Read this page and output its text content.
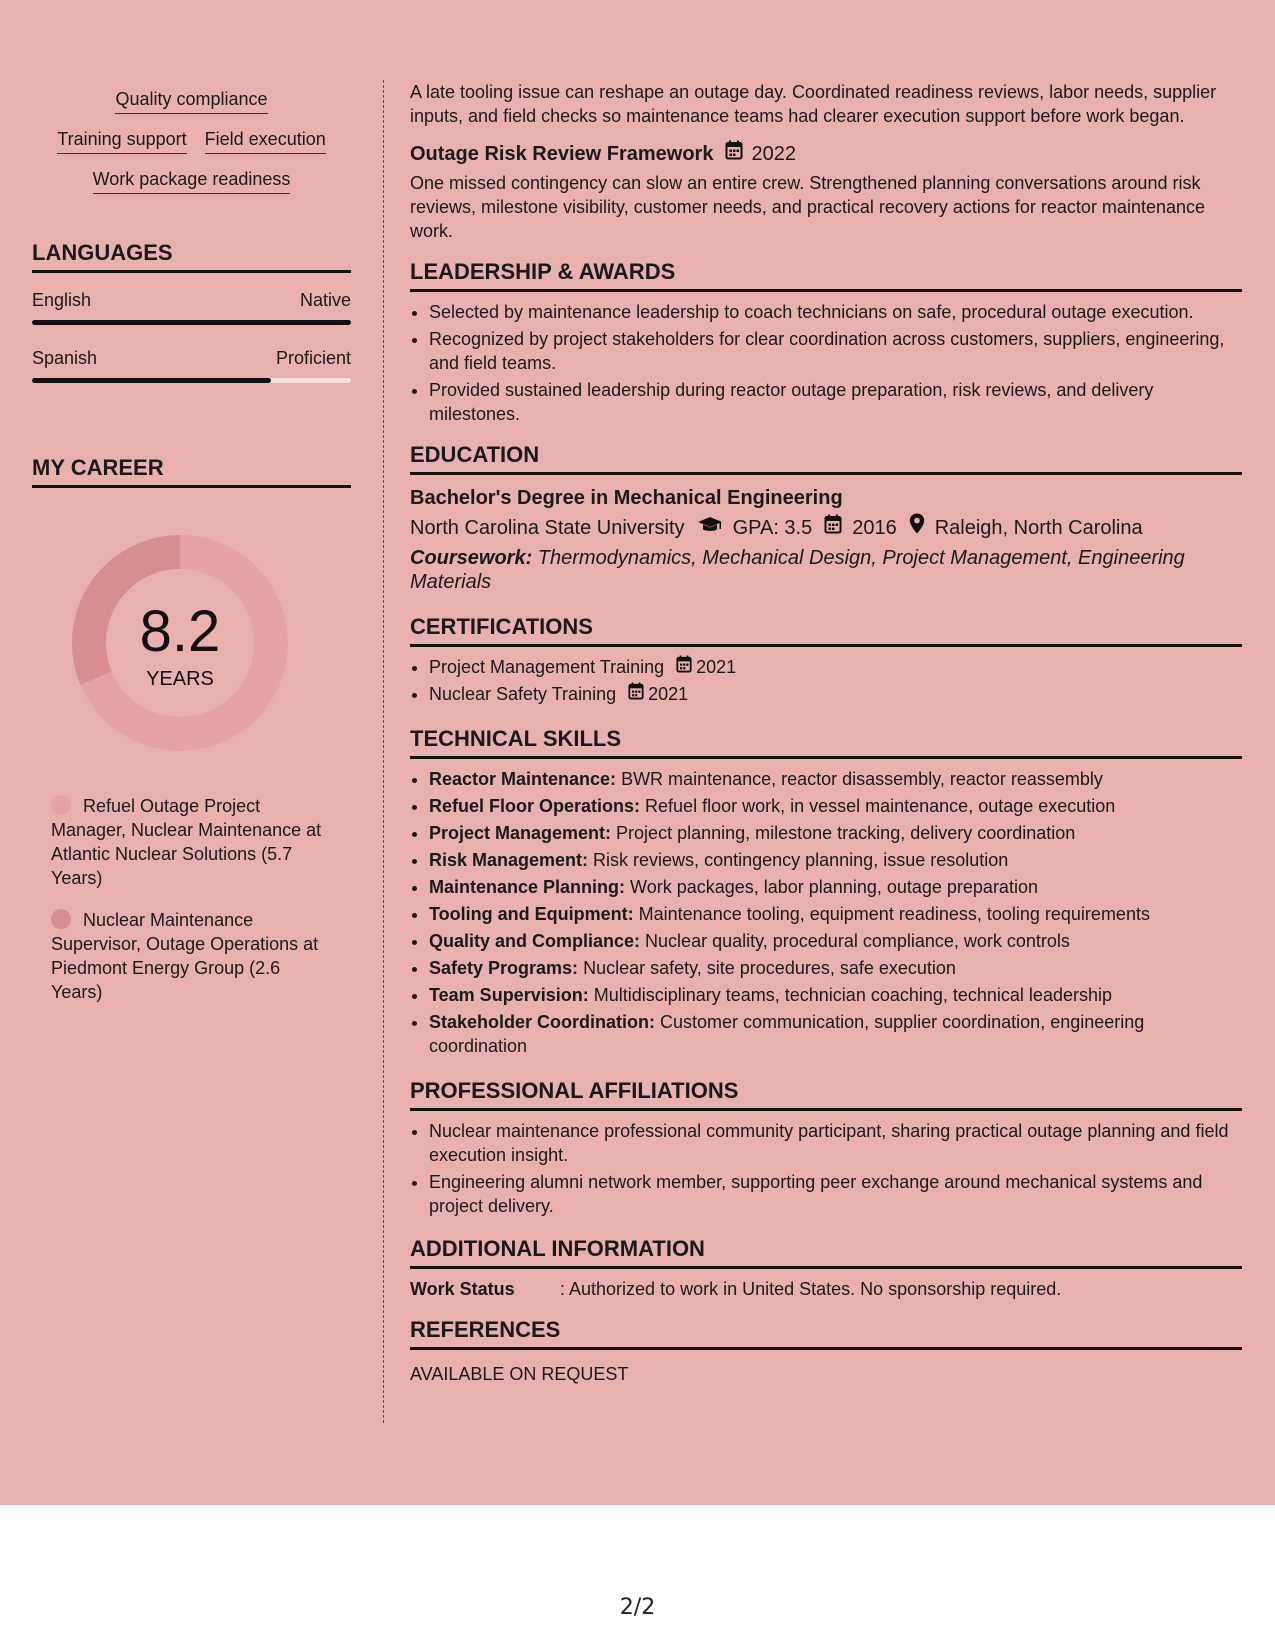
Quality compliance
Training support Field execution
Work package readiness
LANGUAGES
English	Native
Spanish	Proficient
MY CAREER
8.2
YEARS
Refuel Outage Project Manager, Nuclear Maintenance at Atlantic Nuclear Solutions (5.7 Years)
Nuclear Maintenance Supervisor, Outage Operations at Piedmont Energy Group (2.6 Years)

A late tooling issue can reshape an outage day. Coordinated readiness reviews, labor needs, supplier inputs, and field checks so maintenance teams had clearer execution support before work began.

Outage Risk Review Framework 2022

One missed contingency can slow an entire crew. Strengthened planning conversations around risk reviews, milestone visibility, customer needs, and practical recovery actions for reactor maintenance work.

LEADERSHIP & AWARDS
• Selected by maintenance leadership to coach technicians on safe, procedural outage execution.
• Recognized by project stakeholders for clear coordination across customers, suppliers, engineering, and field teams.
• Provided sustained leadership during reactor outage preparation, risk reviews, and delivery milestones.
EDUCATION
Bachelor's Degree in Mechanical Engineering
North Carolina State University GPA: 3.5 2016 Raleigh, North Carolina
Coursework: Thermodynamics, Mechanical Design, Project Management, Engineering Materials
CERTIFICATIONS
• Project Management Training 2021
• Nuclear Safety Training 2021
TECHNICAL SKILLS
• Reactor Maintenance: BWR maintenance, reactor disassembly, reactor reassembly
• Refuel Floor Operations: Refuel floor work, in vessel maintenance, outage execution
• Project Management: Project planning, milestone tracking, delivery coordination
• Risk Management: Risk reviews, contingency planning, issue resolution
• Maintenance Planning: Work packages, labor planning, outage preparation
• Tooling and Equipment: Maintenance tooling, equipment readiness, tooling requirements
• Quality and Compliance: Nuclear quality, procedural compliance, work controls
• Safety Programs: Nuclear safety, site procedures, safe execution
• Team Supervision: Multidisciplinary teams, technician coaching, technical leadership
• Stakeholder Coordination: Customer communication, supplier coordination, engineering coordination
PROFESSIONAL AFFILIATIONS
• Nuclear maintenance professional community participant, sharing practical outage planning and field execution insight.
• Engineering alumni network member, supporting peer exchange around mechanical systems and project delivery.
ADDITIONAL INFORMATION
Work Status	: Authorized to work in United States. No sponsorship required.
REFERENCES
AVAILABLE ON REQUEST
2/2
